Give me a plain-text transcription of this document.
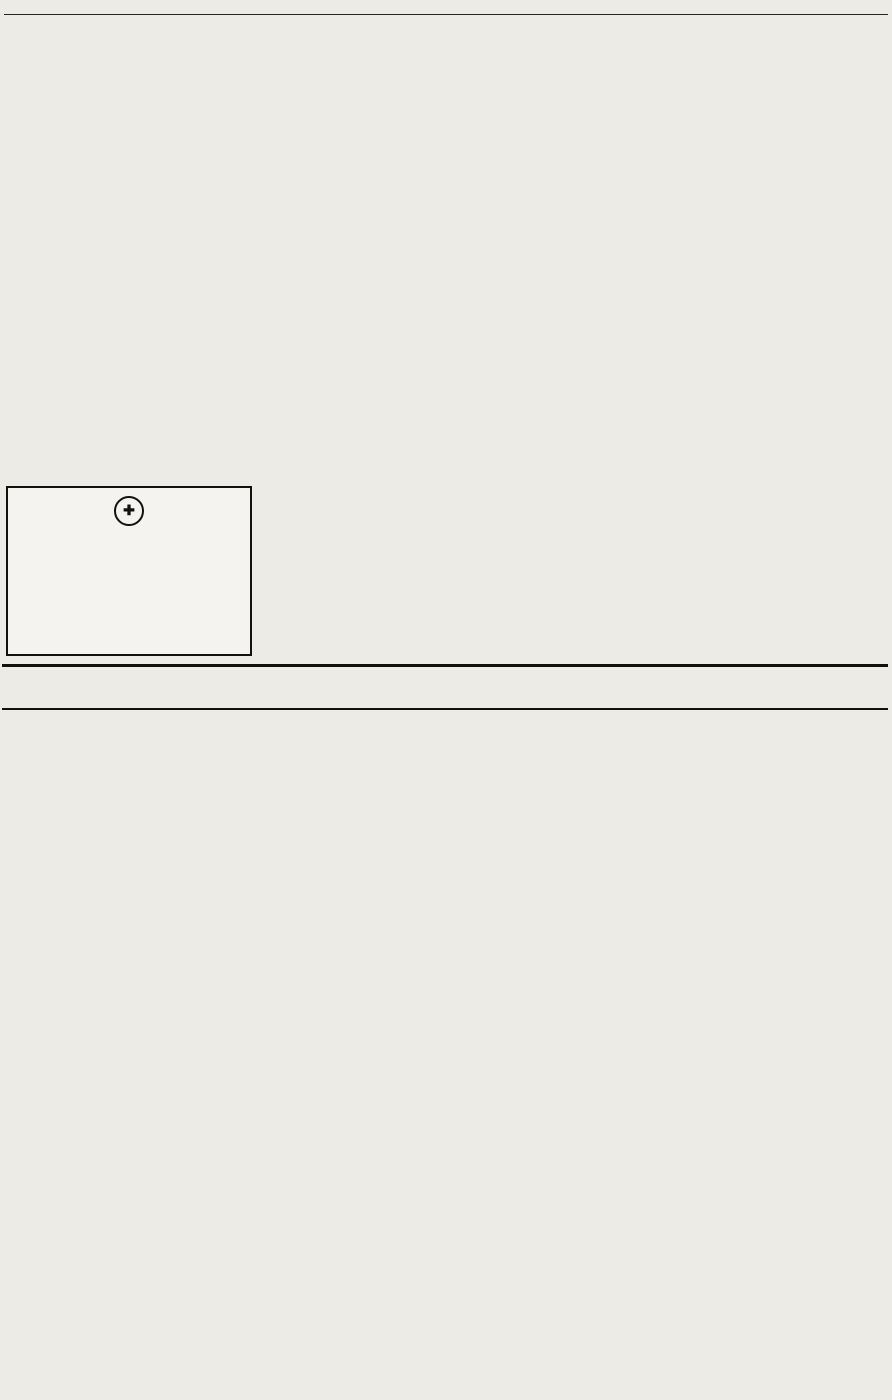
✚
